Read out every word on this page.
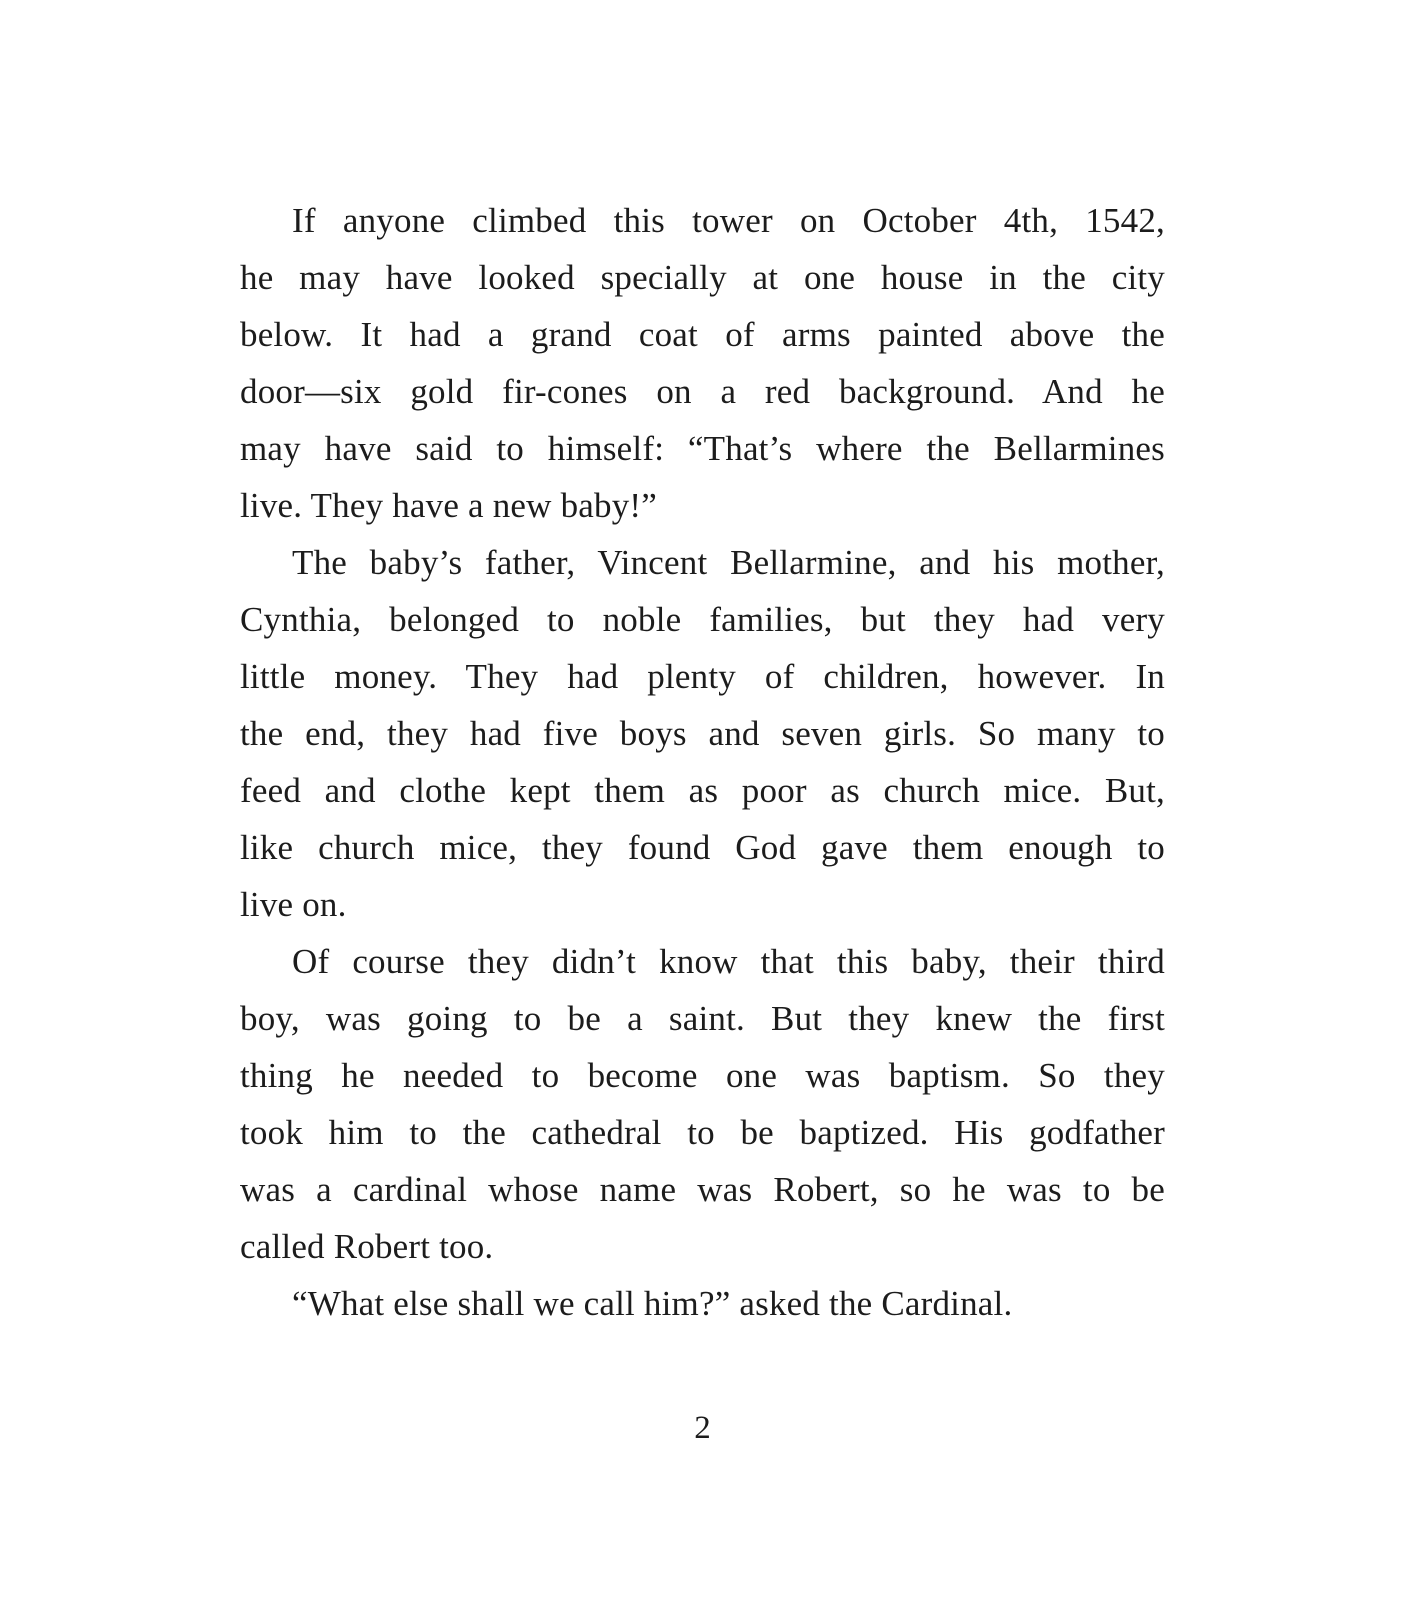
If anyone climbed this tower on October 4th, 1542,
he may have looked specially at one house in the city
below. It had a grand coat of arms painted above the
door—six gold fir-cones on a red background. And he
may have said to himself: “That’s where the Bellarmines
live. They have a new baby!”
The baby’s father, Vincent Bellarmine, and his mother,
Cynthia, belonged to noble families, but they had very
little money. They had plenty of children, however. In
the end, they had five boys and seven girls. So many to
feed and clothe kept them as poor as church mice. But,
like church mice, they found God gave them enough to
live on.
Of course they didn’t know that this baby, their third
boy, was going to be a saint. But they knew the first
thing he needed to become one was baptism. So they
took him to the cathedral to be baptized. His godfather
was a cardinal whose name was Robert, so he was to be
called Robert too.
“What else shall we call him?” asked the Cardinal.
2
